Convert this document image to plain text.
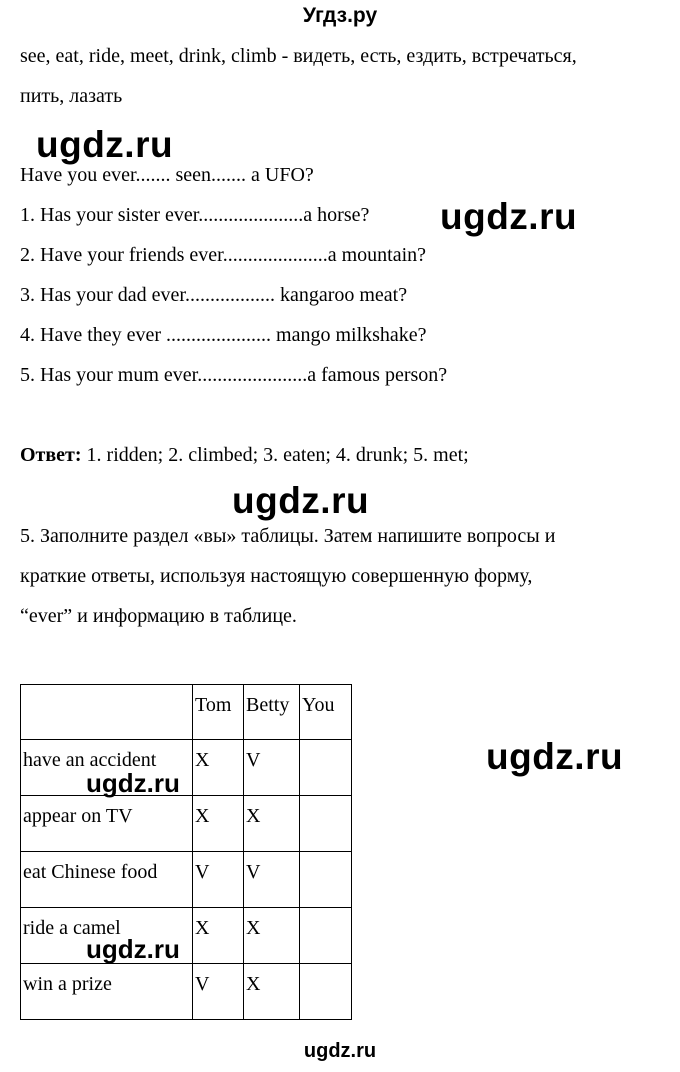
Угдз.ру
see, eat, ride, meet, drink, climb - видеть, есть, ездить, встречаться,
пить, лазать
ugdz.ru
Have you ever....... seen....... a UFO?
1. Has your sister ever.....................a horse?
2. Have your friends ever.....................a mountain?
3. Has your dad ever.................. kangaroo meat?
4. Have they ever ..................... mango milkshake?
5. Has your mum ever......................a famous person?
ugdz.ru
Ответ: 1. ridden; 2. climbed; 3. eaten; 4. drunk; 5. met;
ugdz.ru
5. Заполните раздел «вы» таблицы. Затем напишите вопросы и
краткие ответы, используя настоящую совершенную форму,
“ever” и информацию в таблице.
	Tom	Betty	You
have an accident	X	V	
appear on TV	X	X	
eat Chinese food	V	V	
ride a camel	X	X	
win a prize	V	X	
ugdz.ru
ugdz.ru
ugdz.ru
ugdz.ru
